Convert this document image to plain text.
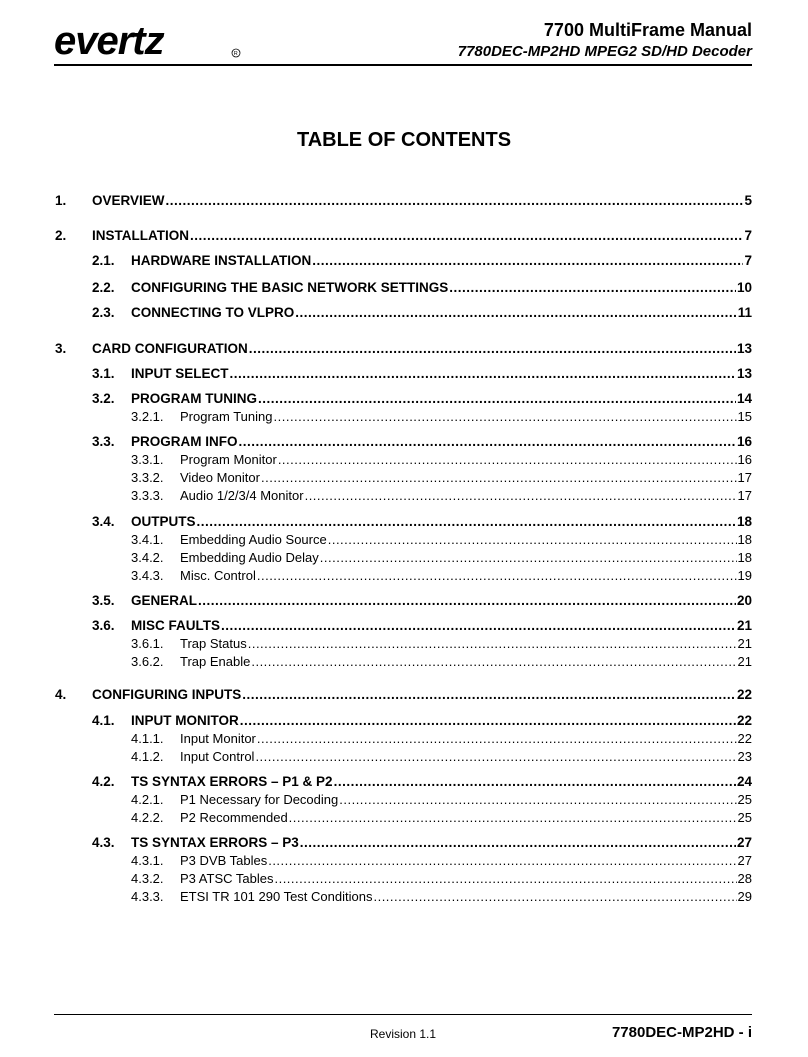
evertz	R
7700 MultiFrame Manual
7780DEC-MP2HD MPEG2 SD/HD Decoder
TABLE OF CONTENTS
1. OVERVIEW .....	5
2. INSTALLATION .....	7
2.1. HARDWARE INSTALLATION .....	7
2.2. CONFIGURING THE BASIC NETWORK SETTINGS .....	10
2.3. CONNECTING TO VLPRO .....	11
3. CARD CONFIGURATION .....	13
3.1. INPUT SELECT .....	13
3.2. PROGRAM TUNING .....	14
3.2.1. Program Tuning .....	15
3.3. PROGRAM INFO .....	16
3.3.1. Program Monitor .....	16
3.3.2. Video Monitor .....	17
3.3.3. Audio 1/2/3/4 Monitor .....	17
3.4. OUTPUTS .....	18
3.4.1. Embedding Audio Source .....	18
3.4.2. Embedding Audio Delay .....	18
3.4.3. Misc. Control .....	19
3.5. GENERAL .....	20
3.6. MISC FAULTS .....	21
3.6.1. Trap Status .....	21
3.6.2. Trap Enable .....	21
4. CONFIGURING INPUTS .....	22
4.1. INPUT MONITOR .....	22
4.1.1. Input Monitor .....	22
4.1.2. Input Control .....	23
4.2. TS SYNTAX ERRORS – P1 & P2 .....	24
4.2.1. P1 Necessary for Decoding .....	25
4.2.2. P2 Recommended .....	25
4.3. TS SYNTAX ERRORS – P3 .....	27
4.3.1. P3 DVB Tables .....	27
4.3.2. P3 ATSC Tables .....	28
4.3.3. ETSI TR 101 290 Test Conditions .....	29
Revision 1.1	7780DEC-MP2HD - i
